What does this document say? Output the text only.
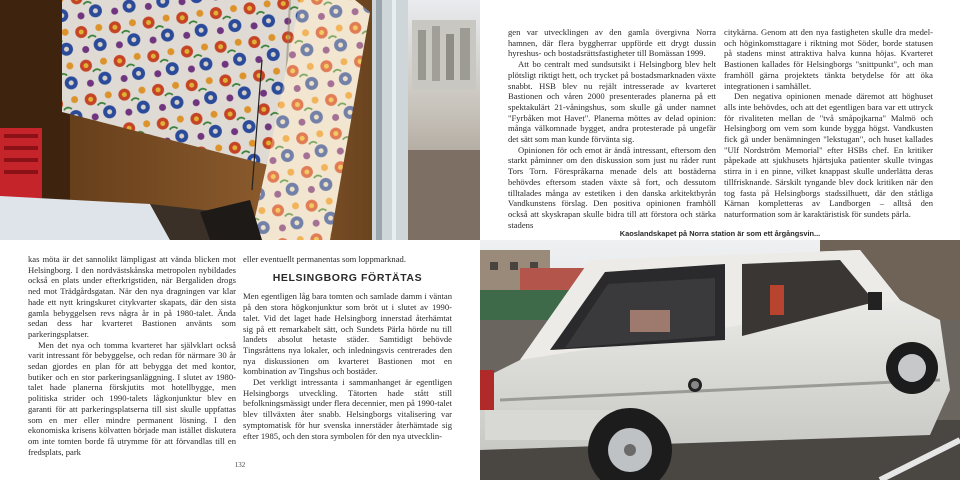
Kaoslandskapet på Norra station är som ett årgångsvin...

gen var utvecklingen av den gamla övergivna Norra hamnen, där flera byggherrar uppförde ett drygt dussin hyreshus- och bostadsrättsfastigheter till Bomässan 1999.

Att bo centralt med sundsutsikt i Helsingborg blev helt plötsligt riktigt hett, och trycket på bostadsmarknaden växte snabbt. HSB blev nu rejält intresserade av kvarteret Bastionen och våren 2000 presenterades planerna på ett spektakulärt 21-våningshus, som skulle gå under namnet "Fyrbåken mot Havet". Planerna möttes av delad opinion: många välkomnade bygget, andra protesterade på ungefär det sätt som man kunde förvänta sig.

Opinionen för och emot är ändå intressant, eftersom den starkt påminner om den diskussion som just nu råder runt Tors Torn. Förespråkarna menade dels att bostäderna behövdes eftersom staden växte så fort, och dessutom tilltalades många av estetiken i den danska arkitektbyrån Vandkunstens förslag. Den positiva opinionen framhöll också att skyskrapan skulle bidra till att förstora och stärka stadens

citykärna. Genom att den nya fastigheten skulle dra medel- och höginkomsttagare i riktning mot Söder, borde statusen på stadens minst attraktiva halva kunna höjas. Kvarteret Bastionen kallades för Helsingborgs "snittpunkt", och man framhöll gärna projektets tänkta betydelse för att öka integrationen i samhället.

Den negativa opinionen menade däremot att höghuset alls inte behövdes, och att det egentligen bara var ett uttryck för rivaliteten mellan de "två småpojkarna" Malmö och Helsingborg om vem som kunde bygga högst. Vandkusten fick gå under benämningen "lekstugan", och huset kallades "Ulf Nordström Memorial" efter HSBs chef. En kritiker påpekade att sjukhusets hjärtsjuka patienter skulle tvingas stirra in i en pinne, vilket knappast skulle underlätta deras tillfrisknande. Särskilt tyngande blev dock kritiken när den tog fasta på Helsingborgs stadssilhuett, där den ståtliga Kärnan kompletteras av Landborgen – alltså den naturformation som är karaktäristisk för sundets pärla.

kas möta är det sannolikt lämpligast att vända blicken mot Helsingborg. I den nordvästskånska metropolen nybildades också en plats under efterkrigstiden, när Bergaliden drogs ned mot Trädgårdsgatan. När den nya dragningen var klar hade ett nytt kringskuret citykvarter skapats, där den sista gamla bebyggelsen revs några år in på 1980-talet. Ända sedan dess har kvarteret Bastionen använts som parkeringsplatser.

Men det nya och tomma kvarteret har självklart också varit intressant för bebyggelse, och redan för närmare 30 år sedan gjordes en plan för att bebygga det med kontor, butiker och en stor parkeringsanläggning. I slutet av 1980-talet hade planerna förskjutits mot hotellbygge, men politiska strider och 1990-talets lågkonjunktur blev en garanti för att parkeringsplatserna till sist skulle uppfattas som en mer eller mindre permanent lösning. I den ekonomiska krisens kölvatten började man istället diskutera om inte tomten borde få utrymme för att förvandlas till en fredsplats, park

eller eventuellt permanentas som loppmarknad.

HELSINGBORG FÖRTÄTAS

Men egentligen låg bara tomten och samlade damm i väntan på den stora högkonjunktur som bröt ut i slutet av 1990-talet. Vid det laget hade Helsingborg innerstad återhämtat sig på ett remarkabelt sätt, och Sundets Pärla hörde nu till landets absolut hetaste städer. Samtidigt behövde Tingsråttens nya lokaler, och inledningsvis centrerades den nya diskussionen om kvarteret Bastionen mot en kombination av Tingshus och bostäder.

Det verkligt intressanta i sammanhanget är egentligen Helsingborgs utveckling. Tätorten hade stått still befolkningsmässigt under flera decennier, men på 1990-talet blev tillväxten åter snabb. Helsingborgs vitalisering var symptomatisk för hur svenska innerstäder återhämtade sig efter 1985, och den stora symbolen för den nya utvecklin-

132
